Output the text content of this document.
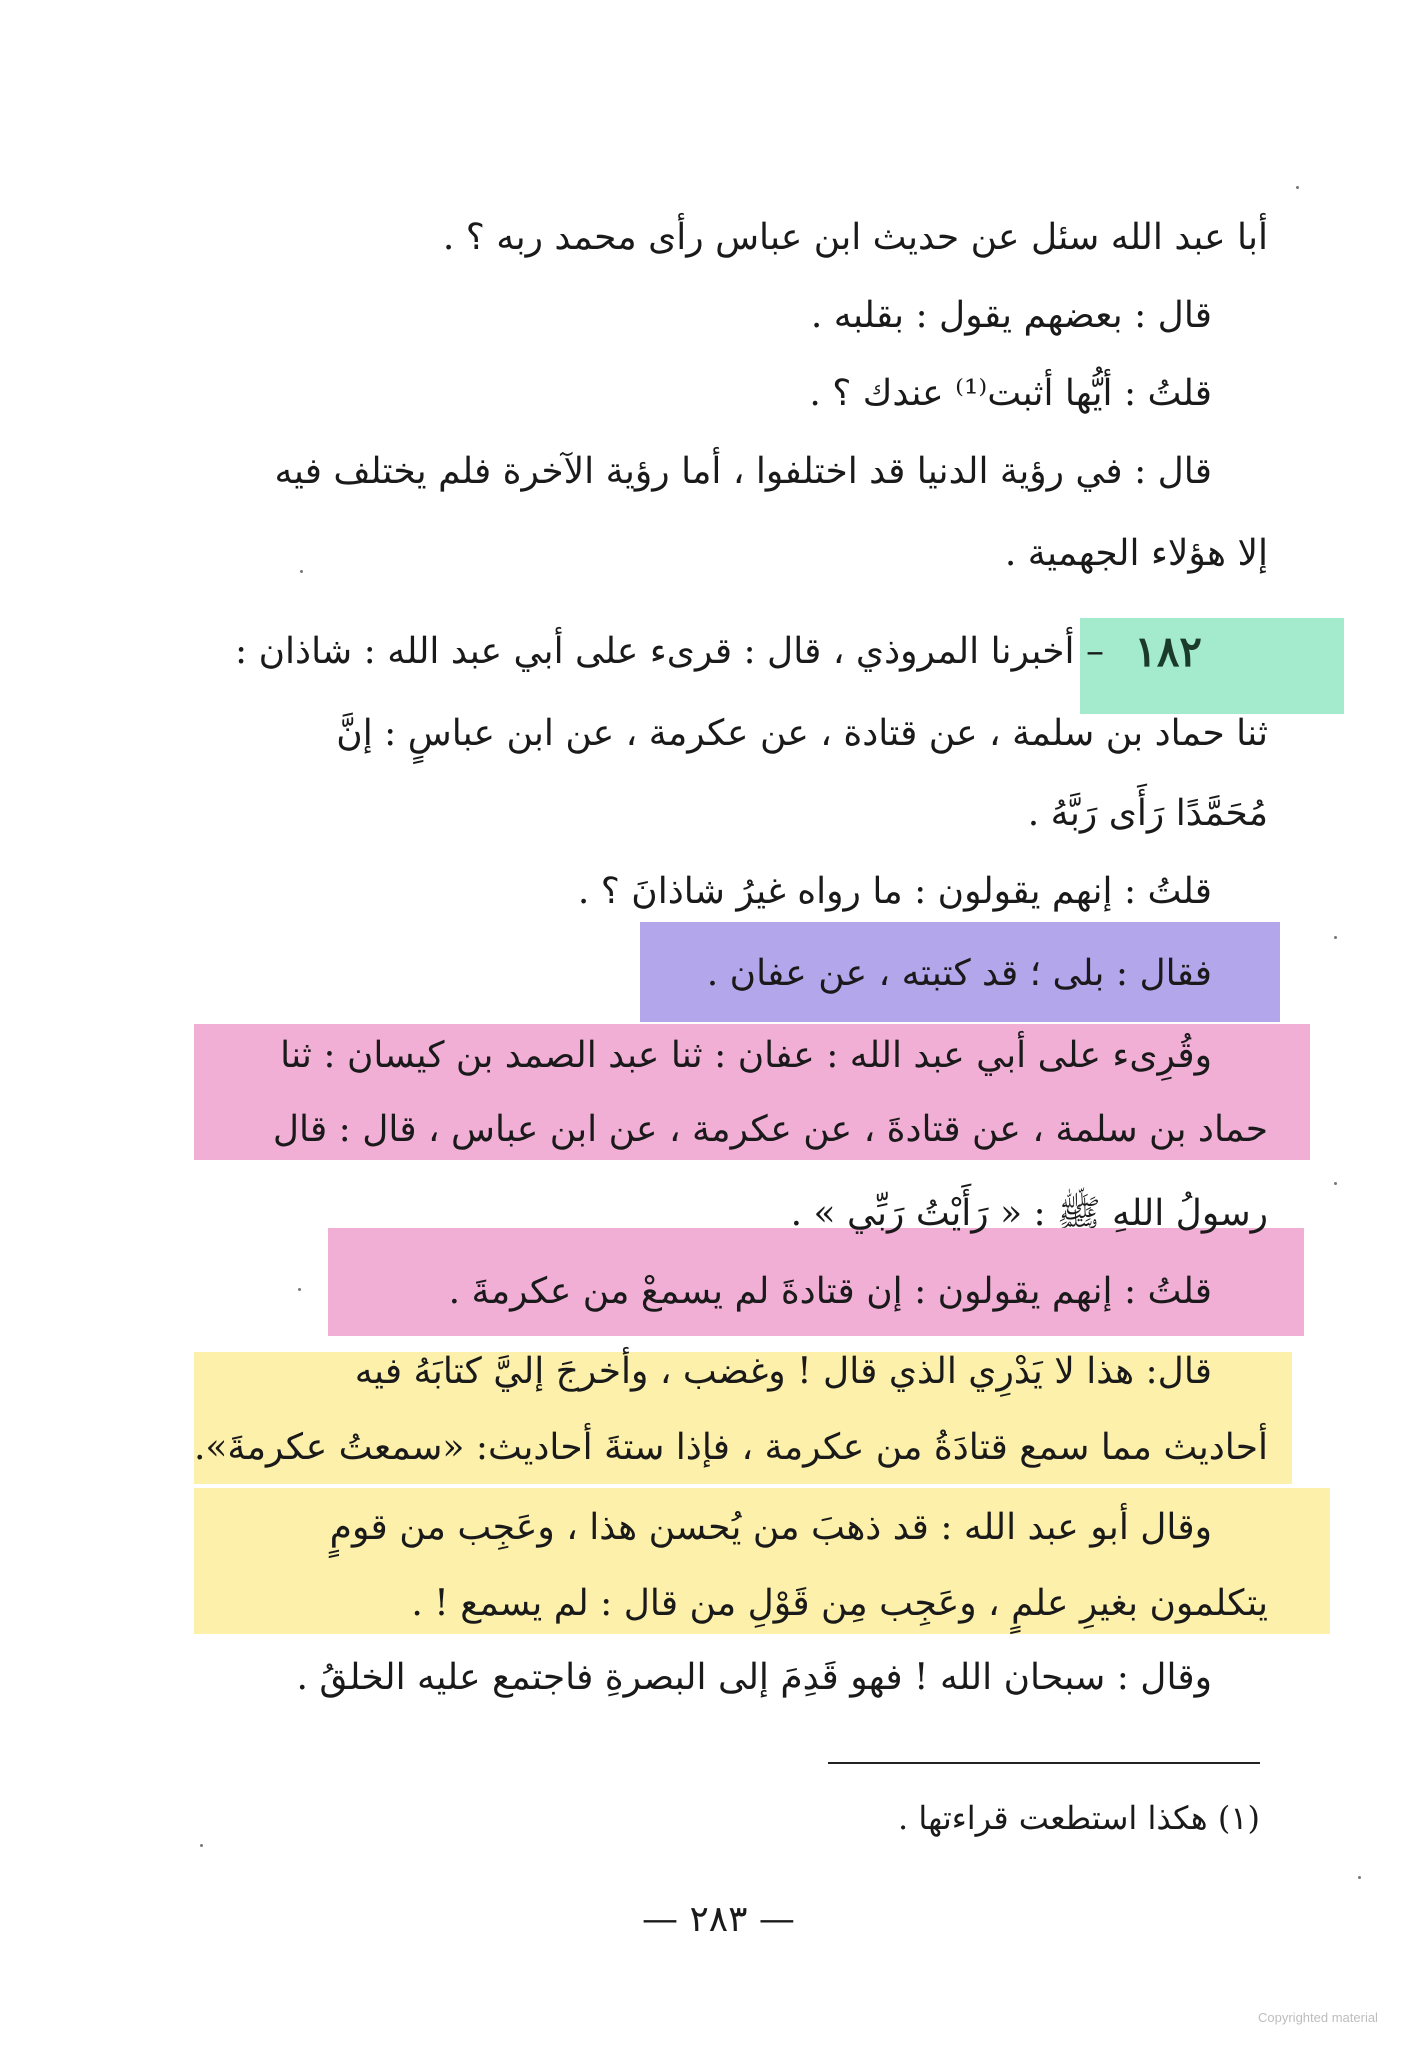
أبا عبد الله سئل عن حديث ابن عباس رأى محمد ربه ؟ .
قال : بعضهم يقول : بقلبه .
قلتُ : أيُّها أثبت⁽¹⁾ عندك ؟ .
قال : في رؤية الدنيا قد اختلفوا ، أما رؤية الآخرة فلم يختلف فيه
إلا هؤلاء الجهمية .
١٨٢
– أخبرنا المروذي ، قال : قرىء على أبي عبد الله : شاذان :
ثنا حماد بن سلمة ، عن قتادة ، عن عكرمة ، عن ابن عباسٍ : إنَّ
مُحَمَّدًا رَأَى رَبَّهُ .
قلتُ : إنهم يقولون : ما رواه غيرُ شاذانَ ؟ .
فقال : بلى ؛ قد كتبته ، عن عفان .
وقُرِىء على أبي عبد الله : عفان : ثنا عبد الصمد بن كيسان : ثنا
حماد بن سلمة ، عن قتادةَ ، عن عكرمة ، عن ابن عباس ، قال : قال
رسولُ اللهِ ﷺ : « رَأَيْتُ رَبِّي » .
قلتُ : إنهم يقولون : إن قتادةَ لم يسمعْ من عكرمةَ .
قال: هذا لا يَدْرِي الذي قال ! وغضب ، وأخرجَ إليَّ كتابَهُ فيه
أحاديث مما سمع قتادَةُ من عكرمة ، فإذا ستةَ أحاديث: «سمعتُ عكرمةَ».
وقال أبو عبد الله : قد ذهبَ من يُحسن هذا ، وعَجِب من قومٍ
يتكلمون بغيرِ علمٍ ، وعَجِب مِن قَوْلِ من قال : لم يسمع ! .
وقال : سبحان الله ! فهو قَدِمَ إلى البصرةِ فاجتمع عليه الخلقُ .
(١) هكذا استطعت قراءتها .
— ٢٨٣ —
Copyrighted material
